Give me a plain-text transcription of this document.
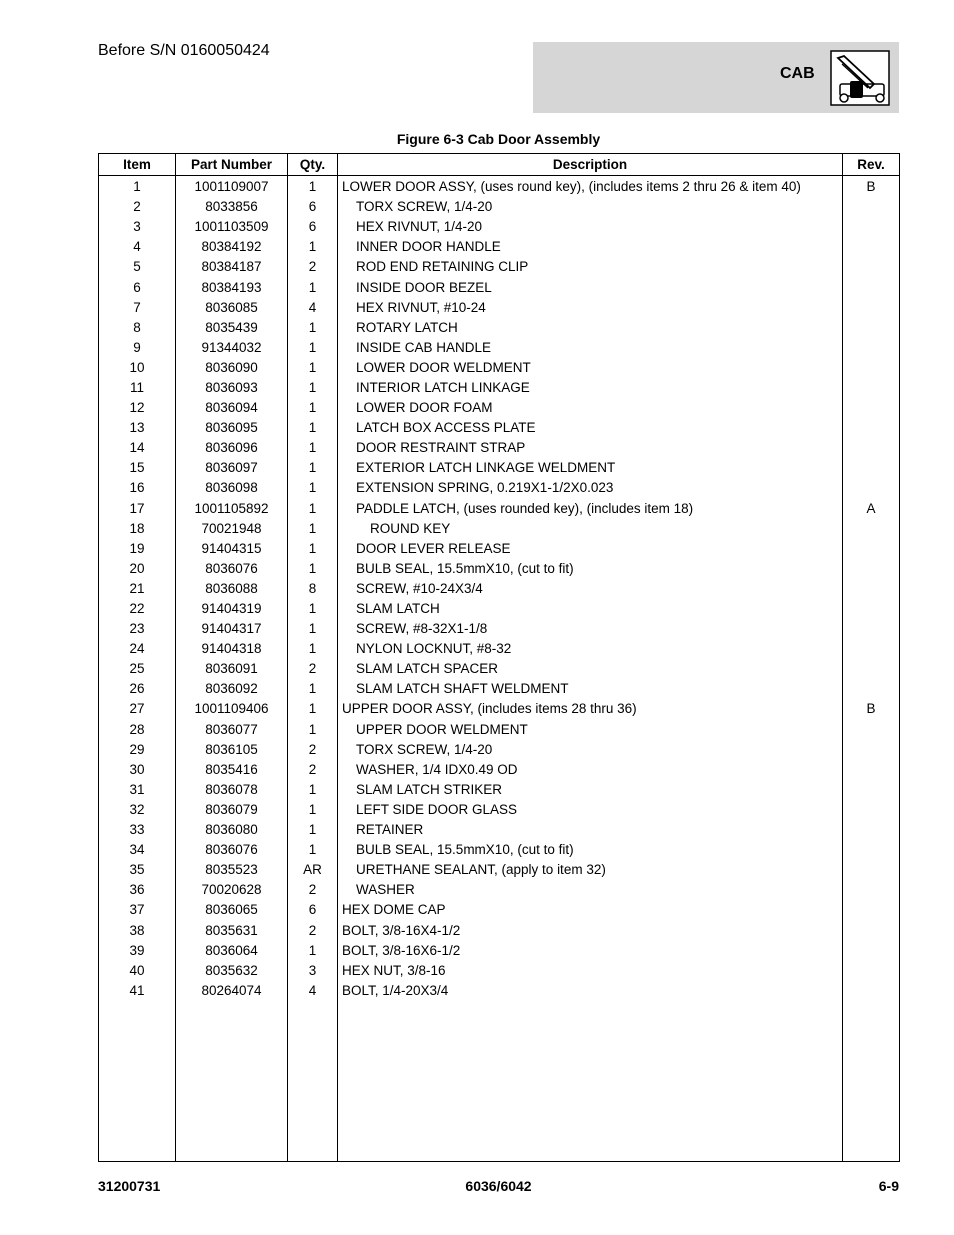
Before S/N 0160050424
CAB
Figure 6-3 Cab Door Assembly
Item	Part Number	Qty.	Description	Rev.
1	1001109007	1	LOWER DOOR ASSY, (uses round key), (includes items 2 thru 26 & item 40)	B
2	8033856	6	TORX SCREW, 1/4-20	
3	1001103509	6	HEX RIVNUT, 1/4-20	
4	80384192	1	INNER DOOR HANDLE	
5	80384187	2	ROD END RETAINING CLIP	
6	80384193	1	INSIDE DOOR BEZEL	
7	8036085	4	HEX RIVNUT, #10-24	
8	8035439	1	ROTARY LATCH	
9	91344032	1	INSIDE CAB HANDLE	
10	8036090	1	LOWER DOOR WELDMENT	
11	8036093	1	INTERIOR LATCH LINKAGE	
12	8036094	1	LOWER DOOR FOAM	
13	8036095	1	LATCH BOX ACCESS PLATE	
14	8036096	1	DOOR RESTRAINT STRAP	
15	8036097	1	EXTERIOR LATCH LINKAGE WELDMENT	
16	8036098	1	EXTENSION SPRING, 0.219X1-1/2X0.023	
17	1001105892	1	PADDLE LATCH, (uses rounded key), (includes item 18)	A
18	70021948	1	ROUND KEY	
19	91404315	1	DOOR LEVER RELEASE	
20	8036076	1	BULB SEAL, 15.5mmX10, (cut to fit)	
21	8036088	8	SCREW, #10-24X3/4	
22	91404319	1	SLAM LATCH	
23	91404317	1	SCREW, #8-32X1-1/8	
24	91404318	1	NYLON LOCKNUT, #8-32	
25	8036091	2	SLAM LATCH SPACER	
26	8036092	1	SLAM LATCH SHAFT WELDMENT	
27	1001109406	1	UPPER DOOR ASSY, (includes items 28 thru 36)	B
28	8036077	1	UPPER DOOR WELDMENT	
29	8036105	2	TORX SCREW, 1/4-20	
30	8035416	2	WASHER, 1/4 IDX0.49 OD	
31	8036078	1	SLAM LATCH STRIKER	
32	8036079	1	LEFT SIDE DOOR GLASS	
33	8036080	1	RETAINER	
34	8036076	1	BULB SEAL, 15.5mmX10, (cut to fit)	
35	8035523	AR	URETHANE SEALANT, (apply to item 32)	
36	70020628	2	WASHER	
37	8036065	6	HEX DOME CAP	
38	8035631	2	BOLT, 3/8-16X4-1/2	
39	8036064	1	BOLT, 3/8-16X6-1/2	
40	8035632	3	HEX NUT, 3/8-16	
41	80264074	4	BOLT, 1/4-20X3/4	

31200731	6036/6042	6-9
